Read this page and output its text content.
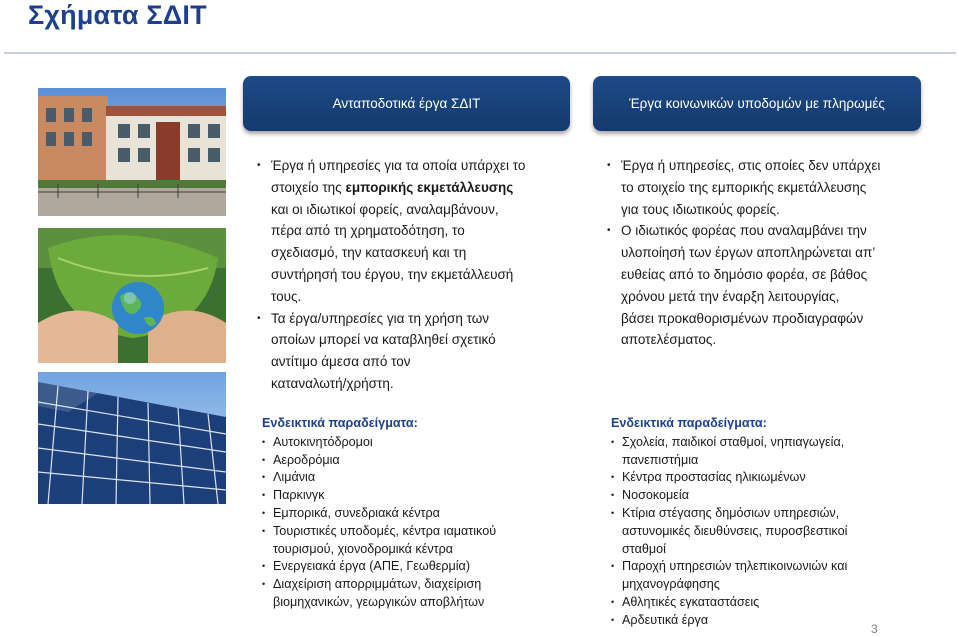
Σχήματα ΣΔΙΤ
Ανταποδοτικά έργα ΣΔΙΤ	Έργα κοινωνικών υποδομών με πληρωμές

• Έργα ή υπηρεσίες για τα οποία υπάρχει το στοιχείο της εμπορικής εκμετάλλευσης
και οι ιδιωτικοί φορείς, αναλαμβάνουν,
πέρα από τη χρηματοδότηση, το
σχεδιασμό, την κατασκευή και τη
συντήρησή του έργου, την εκμετάλλευσή
τους.

• Τα έργα/υπηρεσίες για τη χρήση των
οποίων μπορεί να καταβληθεί σχετικό
αντίτιμο άμεσα από τον
καταναλωτή/χρήστη.

• Έργα ή υπηρεσίες, στις οποίες δεν υπάρχει
το στοιχείο της εμπορικής εκμετάλλευσης
για τους ιδιωτικούς φορείς.

• Ο ιδιωτικός φορέας που αναλαμβάνει την
υλοποίησή των έργων αποπληρώνεται απ’
ευθείας από το δημόσιο φορέα, σε βάθος
χρόνου μετά την έναρξη λειτουργίας,
βάσει προκαθορισμένων προδιαγραφών
αποτελέσματος.

Ενδεικτικά παραδείγματα:
• Αυτοκινητόδρομοι
• Αεροδρόμια
• Λιμάνια
• Παρκινγκ
• Εμπορικά, συνεδριακά κέντρα
• Τουριστικές υποδομές, κέντρα ιαματικού
τουρισμού, χιονοδρομικά κέντρα
• Ενεργειακά έργα (ΑΠΕ, Γεωθερμία)
• Διαχείριση απορριμμάτων, διαχείριση
βιομηχανικών, γεωργικών αποβλήτων
Ενδεικτικά παραδείγματα:
• Σχολεία, παιδικοί σταθμοί, νηπιαγωγεία,
πανεπιστήμια
• Κέντρα προστασίας ηλικιωμένων
• Νοσοκομεία
• Κτίρια στέγασης δημόσιων υπηρεσιών,
αστυνομικές διευθύνσεις, πυροσβεστικοί
σταθμοί
• Παροχή υπηρεσιών τηλεπικοινωνιών και
μηχανογράφησης
• Αθλητικές εγκαταστάσεις
• Αρδευτικά έργα
3
